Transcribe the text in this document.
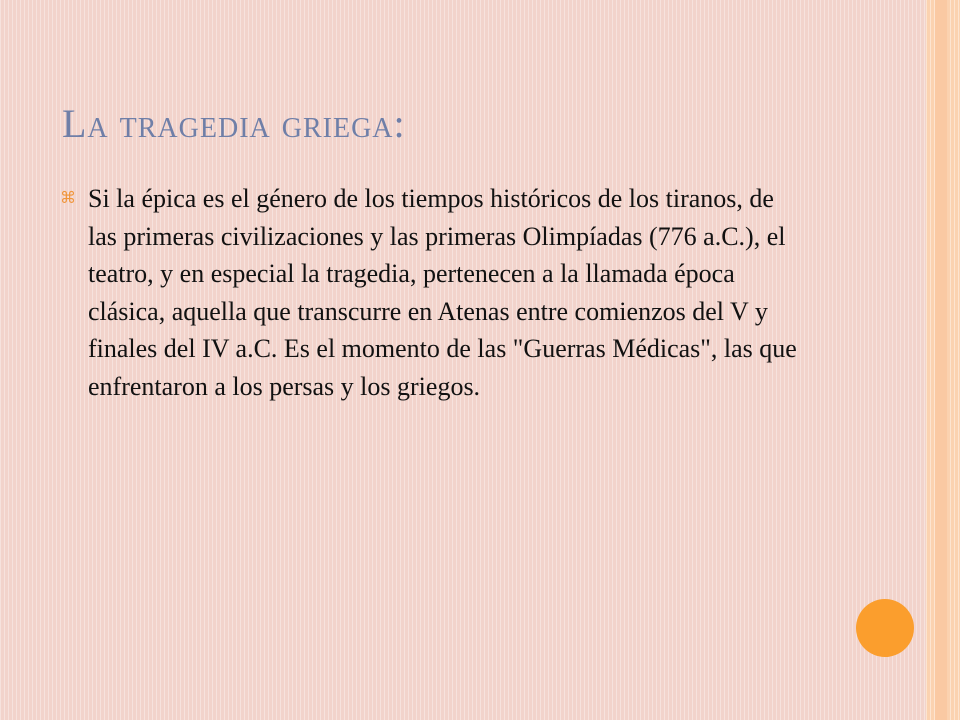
La tragedia griega:
⌘ Si la épica es el género de los tiempos históricos de los tiranos, de las primeras civilizaciones y las primeras Olimpíadas (776 a.C.), el teatro, y en especial la tragedia, pertenecen a la llamada época clásica, aquella que transcurre en Atenas entre comienzos del V y finales del IV a.C. Es el momento de las "Guerras Médicas", las que enfrentaron a los persas y los griegos.
